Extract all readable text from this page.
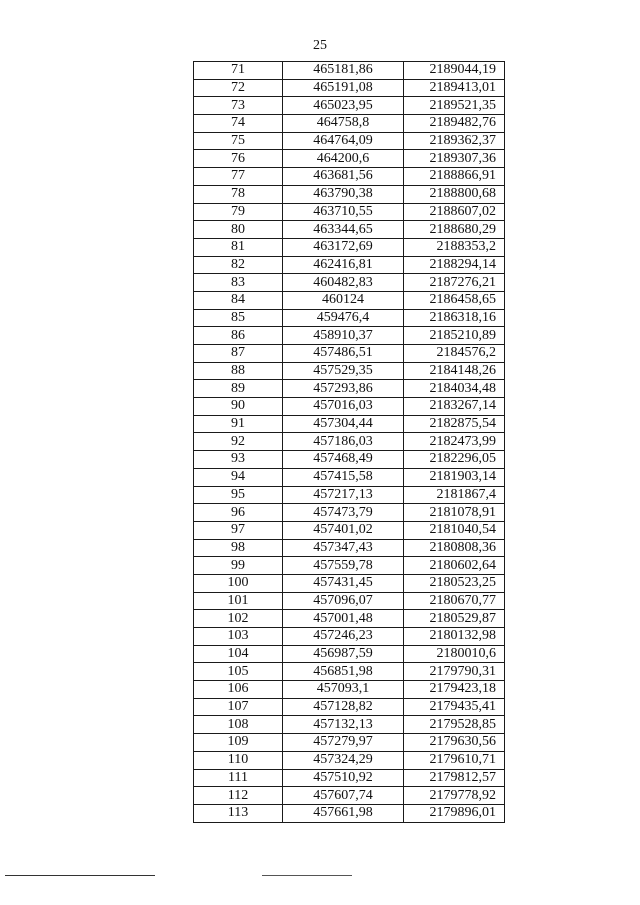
25
71	465181,86	2189044,19
72	465191,08	2189413,01
73	465023,95	2189521,35
74	464758,8	2189482,76
75	464764,09	2189362,37
76	464200,6	2189307,36
77	463681,56	2188866,91
78	463790,38	2188800,68
79	463710,55	2188607,02
80	463344,65	2188680,29
81	463172,69	2188353,2
82	462416,81	2188294,14
83	460482,83	2187276,21
84	460124	2186458,65
85	459476,4	2186318,16
86	458910,37	2185210,89
87	457486,51	2184576,2
88	457529,35	2184148,26
89	457293,86	2184034,48
90	457016,03	2183267,14
91	457304,44	2182875,54
92	457186,03	2182473,99
93	457468,49	2182296,05
94	457415,58	2181903,14
95	457217,13	2181867,4
96	457473,79	2181078,91
97	457401,02	2181040,54
98	457347,43	2180808,36
99	457559,78	2180602,64
100	457431,45	2180523,25
101	457096,07	2180670,77
102	457001,48	2180529,87
103	457246,23	2180132,98
104	456987,59	2180010,6
105	456851,98	2179790,31
106	457093,1	2179423,18
107	457128,82	2179435,41
108	457132,13	2179528,85
109	457279,97	2179630,56
110	457324,29	2179610,71
111	457510,92	2179812,57
112	457607,74	2179778,92
113	457661,98	2179896,01
